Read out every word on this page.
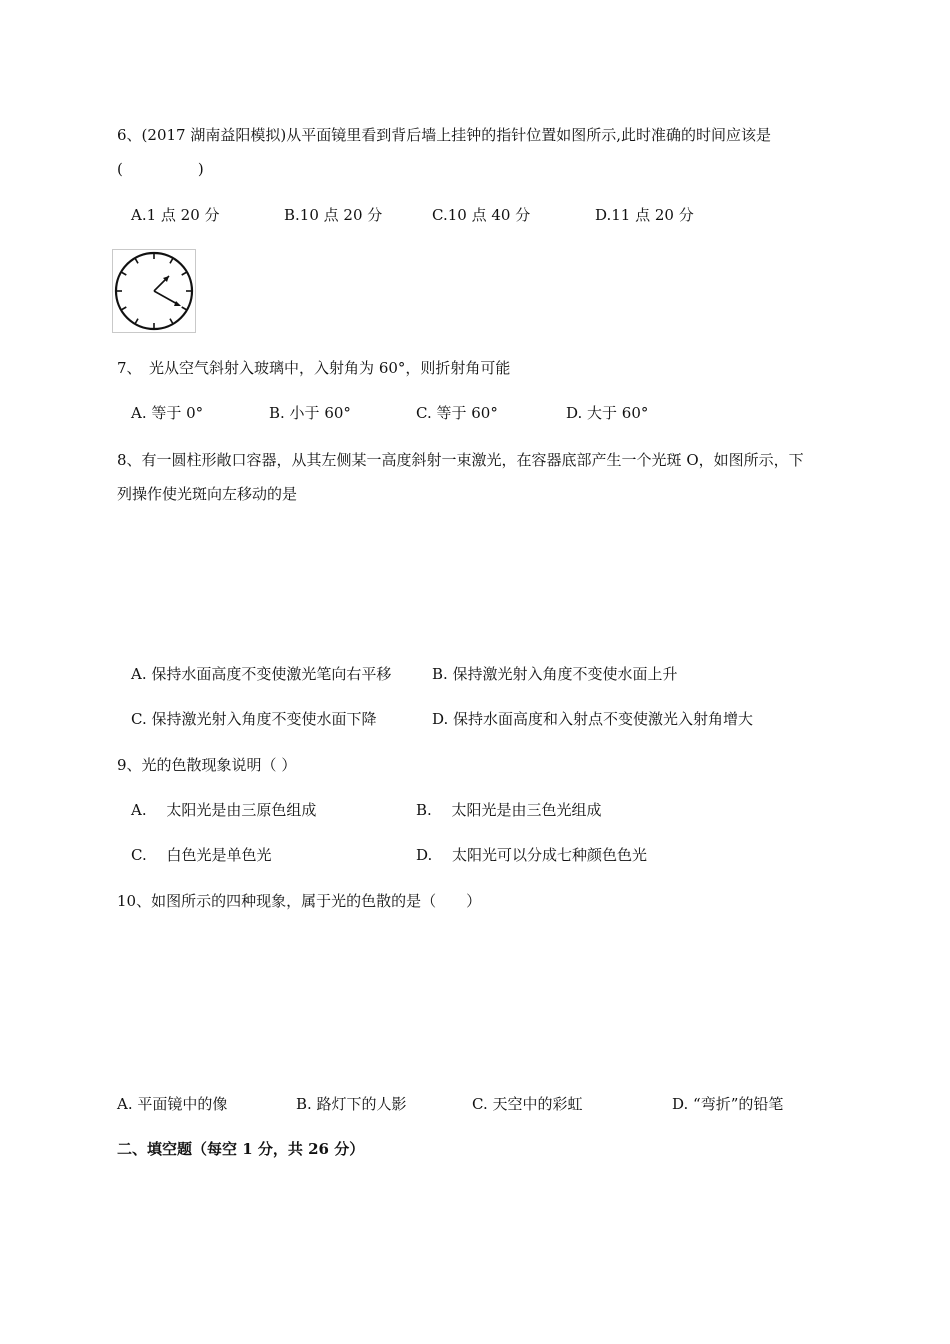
6、(2017 湖南益阳模拟)从平面镜里看到背后墙上挂钟的指针位置如图所示,此时准确的时间应该是
(　　　　　)
A.1 点 20 分	B.10 点 20 分	C.10 点 40 分	D.11 点 20 分
7、　光从空气斜射入玻璃中，入射角为 60°，则折射角可能
A. 等于 0°	B. 小于 60°	C. 等于 60°	D. 大于 60°
8、有一圆柱形敞口容器，从其左侧某一高度斜射一束激光，在容器底部产生一个光斑 O，如图所示，下
列操作使光斑向左移动的是
A. 保持水面高度不变使激光笔向右平移	B. 保持激光射入角度不变使水面上升
C. 保持激光射入角度不变使水面下降	D. 保持水面高度和入射点不变使激光入射角增大
9、光的色散现象说明（ ）
A.　 太阳光是由三原色组成	B.　 太阳光是由三色光组成
C.　 白色光是单色光	D.　 太阳光可以分成七种颜色色光
10、如图所示的四种现象，属于光的色散的是（　　）
A. 平面镜中的像	B. 路灯下的人影	C. 天空中的彩虹	D. “弯折”的铅笔
二、填空题（每空 1 分，共 26 分）
